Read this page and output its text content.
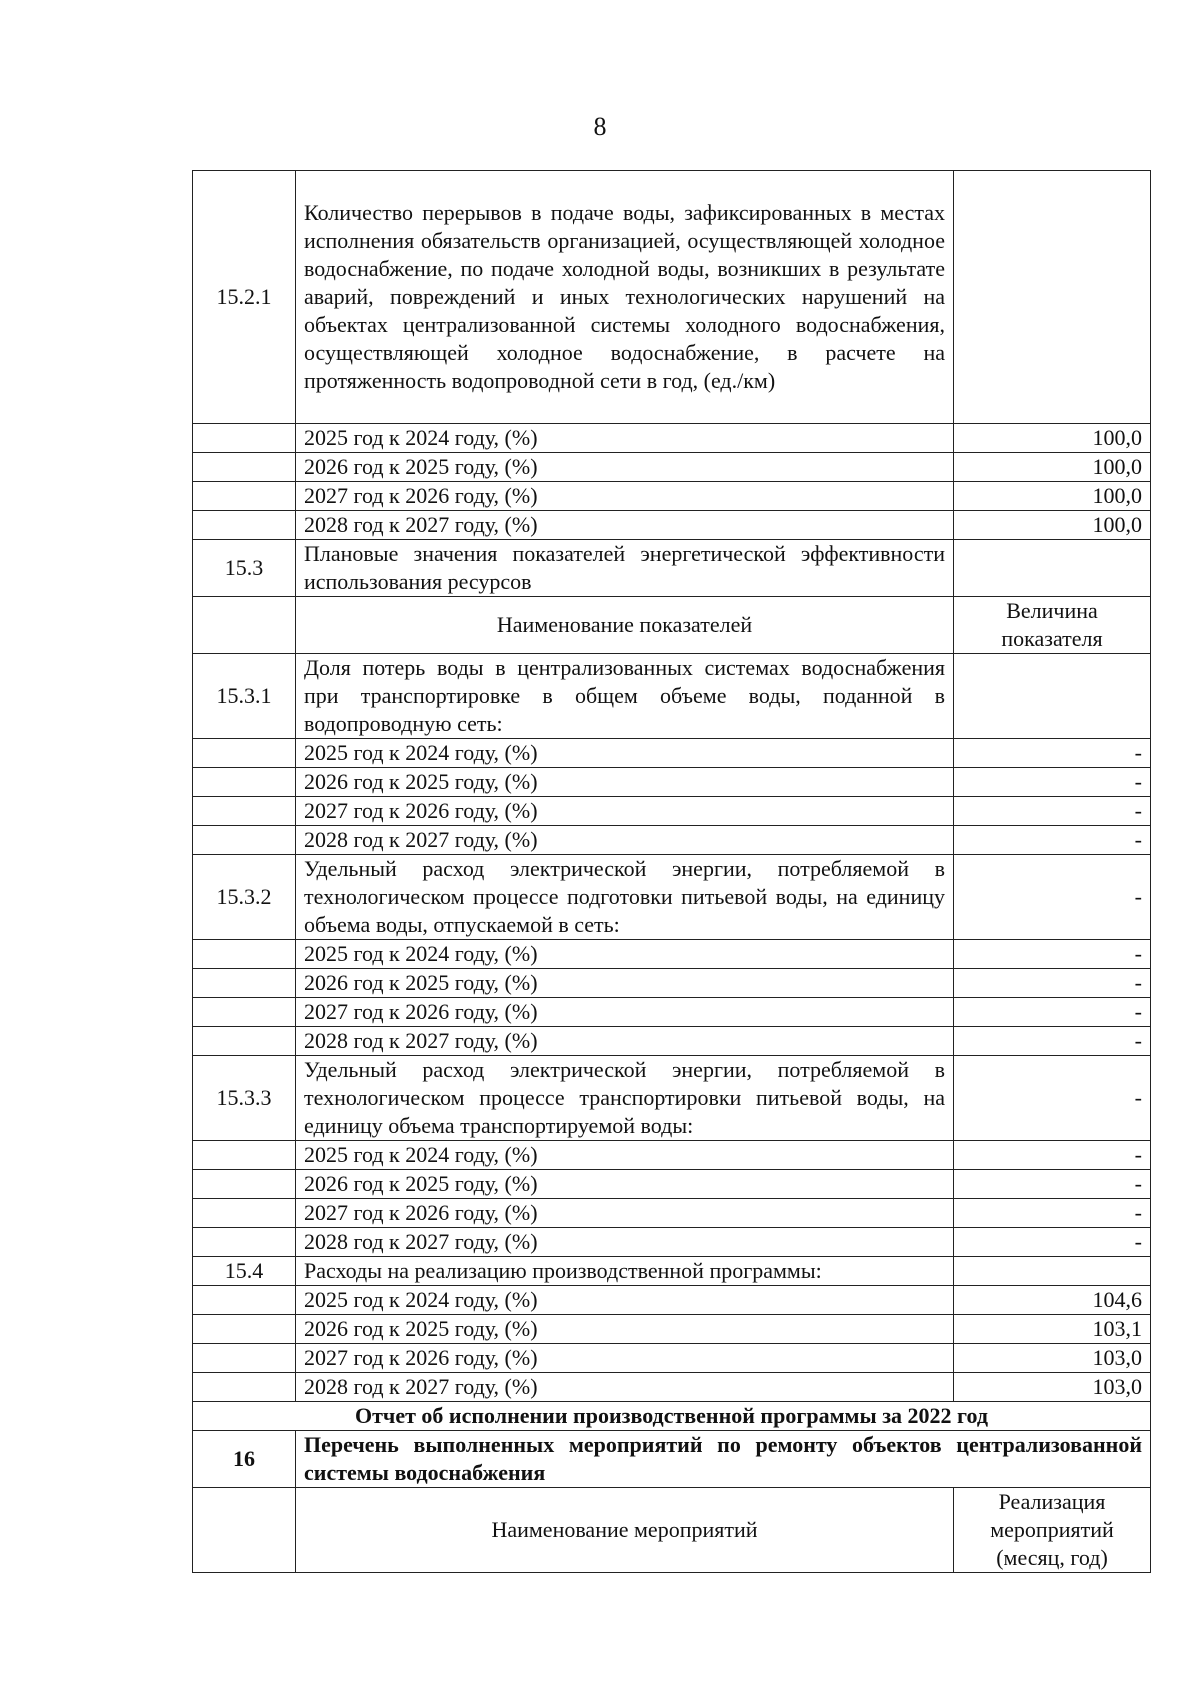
8
15.2.1	Количество перерывов в подаче воды, зафиксированных в местах исполнения обязательств организацией, осуществляющей холодное водоснабжение, по подаче холодной воды, возникших в результате аварий, повреждений и иных технологических нарушений на объектах централизованной системы холодного водоснабжения, осуществляющей холодное водоснабжение, в расчете на протяженность водопроводной сети в год, (ед./км)	
	2025 год к 2024 году, (%)	100,0
	2026 год к 2025 году, (%)	100,0
	2027 год к 2026 году, (%)	100,0
	2028 год к 2027 году, (%)	100,0
15.3	Плановые значения показателей энергетической эффективности использования ресурсов	
	Наименование показателей	Величина показателя
15.3.1	Доля потерь воды в централизованных системах водоснабжения при транспортировке в общем объеме воды, поданной в водопроводную сеть:	
	2025 год к 2024 году, (%)	-
	2026 год к 2025 году, (%)	-
	2027 год к 2026 году, (%)	-
	2028 год к 2027 году, (%)	-
15.3.2	Удельный расход электрической энергии, потребляемой в технологическом процессе подготовки питьевой воды, на единицу объема воды, отпускаемой в сеть:	-
	2025 год к 2024 году, (%)	-
	2026 год к 2025 году, (%)	-
	2027 год к 2026 году, (%)	-
	2028 год к 2027 году, (%)	-
15.3.3	Удельный расход электрической энергии, потребляемой в технологическом процессе транспортировки питьевой воды, на единицу объема транспортируемой воды:	-
	2025 год к 2024 году, (%)	-
	2026 год к 2025 году, (%)	-
	2027 год к 2026 году, (%)	-
	2028 год к 2027 году, (%)	-
15.4	Расходы на реализацию производственной программы:	
	2025 год к 2024 году, (%)	104,6
	2026 год к 2025 году, (%)	103,1
	2027 год к 2026 году, (%)	103,0
	2028 год к 2027 году, (%)	103,0
Отчет об исполнении производственной программы за 2022 год		
16	Перечень выполненных мероприятий по ремонту объектов централизованной системы водоснабжения	
	Наименование мероприятий	Реализация мероприятий (месяц, год)
